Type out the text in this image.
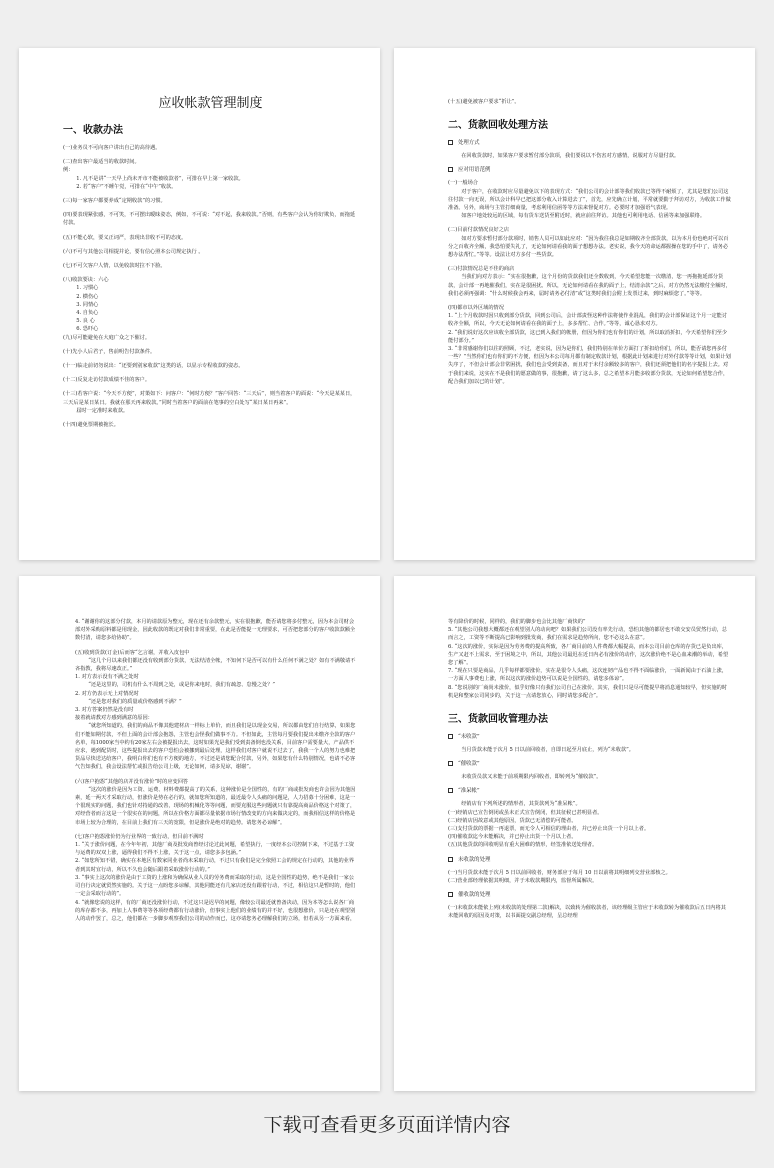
应收帐款管理制度
一、收款办法
(一)业务员不可向客户讲出自己的高待遇。
(二)查出客户最适当的收款时间。
例：
1. 凡不是讲“一天早上尚未开市不能被收款者”，可排在早上第一家收款。
2. 若“客户”不睡午觉，可排在“中午”收款。
(三)每一家客户都要养成“定期收款”的习惯。
(四)要表现紧张感，不可笑，不可摆出暧昧姿态，例如，不可说：“对不起，我来收款。”否则，有些客户会认为你好欺负，而拖延付款。
(五)不能心软，要义正词严，表现出非收不可的态度。
(六)不可与其他公司相提并论，要有信心照本公司规定执行 。
(七)不可欠客户人情，以免收款时拉不下脸。
(八)收款要诀：六心
1. 习惯心
2. 横伤心
3. 同情心
4. 自负心
5. 良 心
6. 恐吓心
(九)尽可能避免在大庭广众之下催讨。
(十)先小人后君子，售前明告付款条件。
(十一)临走前切勿说出：“还要到别家收款”这类的话，以显示专程收款的姿态。
(十二)反复走访付款成绩不佳的客户。
(十三)若客户说：“今天不方便”，对策如下：问客户：“何时方便？”客户回答：“三天后”，则当着客户的面说：“今天是某某日，三天后是某日某日。我就在那天再来收款。”同时当着客户的面前在笔事的空白处写“某日某日再来”。
届时一定准时来收款。
(十四)避免票期被拖长。
(十五)避免被客户要求“折让”。
二、货款回收处理方法
处理方式
在回收货款时，如果客户要求暂付部分款项，我们要说以不伤害对方感情，说服对方尽量付款。
应对用语范例
(一)一般场合
对于客户，在收款时应尽量避免以下的表现方式：“我们公司的会计部等我们收款已等得不耐烦了，尤其是您们公司这往付款一向无误，所以会计科早已把这部分收入计算进去了”，首先，应先确立计划，平常就要勤于拜访对方，为收款工作做准备。另外，商场与主管打细商量，考虑利用信函等等方法来督促对方。必要时才加强语气表现。
如客户地处较远的区域，每有货车送货至附近时，就应前往拜访。其他也可利用电话、信函等来加强联络。
(二)目前付款情况良好之店
如对方要求暂付部分款项时，销售人员可以如此应对：“因为我往我总是如期收齐全部货款，以为本月份也绝对可以百分之百收齐全额，我恐怕要失礼了，无论如何请看我的面子想想办法。老实说，我今天的命运都握操在您的手中了，请务必想办法帮忙。”等等。设法让对方多付一些货款。
(三)付款情况总是不佳的商店
当我们向对方表示：“实在很抱歉，这个月份的货款我们还全数收到，今天希望您能一次缴清，您一再拖拖延部分货款，会计部一再地催我们，实在是很困扰。所以，无论如何请看在我的面子上，结清余款”之后，对方仍然无法缴付全额时，我们必须再强调：“什么时候我会再来，届时请务必付清”或“这类时我们会附上发票过来，到时麻烦您了。”等等。
(四)都市以外区域的情况
1. “上个月收款时因只收到部分货款，回到公司后，会计部责怪这种作法将使作业混乱，我们的会计部保证这个月一定能讨收齐全额，所以，今天无论如何请看在我的面子上，多多帮忙、合作。”等等，诚心恳求对方。
2. “我们说好这次应该收全部货款，这已到入我们的帐册，但因为你们也有你们的计划，所以取消折扣，今天希望你们至少能付部分。”
3. “非常感谢你们以往的照顾，不过，老实说，因为是你们，我们特别在单价方面打了折扣给你们，所以，能否请您再多付一些？”当然你们也有你们的不方便，但因为本公司每月都有制定收款计划，根据此计划来进行对外付款等等计划，如果计划失序了，不但会计部会非常困扰，我们也会受到责备，而且对于未付余额较多的客户，我们还须把他们的名字提报上去。对于我们来说，这实在不是我们的愿意做的事，很抱歉，请了这么多，总之希望本月能多收部分货款，无论如何希望您合作，配合我们加以已的计划”。
4. “谢谢你的这部分付款，本月的请款原为整元，现在还有余款整元，实在很抱歉，能否请您将多付整元，因为本会司财会部对外采购原料都是用现金，因此收款的既定对我们非常重要，在此是否能提一无理要求，可否把您部分的客户收款款额全数付清，请您多给协助”。
(五)收到货款(订金)后而客“乞言谢，并收入皮包中
“这几个月以来我们都还没有收到部分货款，无法结清全帐，不知何下是否可以有什么任何不满之处？如有不满敬请不吝指教，我将尽速改正。”
1. 对方表示没有不满之处时
“还是这里的，司机有什么不周到之处，或是你来电时，我们有疏忽、怠慢之处？”
2. 对方仍表示无上对情况时
“还是您对我们的质量或价格感到不满？”
3. 对方答案仍然是没有时
接着就请教对方感到满意的原因：
“就您所知道的，我们的商品不像其他建材店一样标上单价，而且我们是以现金交易，所以都由您们自行结算，如果您们不能如期付款，不但上面的会计部会抱怨，主管也会怪我们做事不力。不但如此，主管每月要我们提出未缴齐全款的客户名单，每1000家当中约有20家左右会被提报出去，这时如果光是我们受到责备倒也没关系，目前客户需要量大，产品供不应求，遇到配货时，这些提报出去的客户恐怕会被挪到最后处理，这样我们对客户就说不过去了，我我一个人的努力也难把货品尽快送达给客户，我明白你们也有不方便的地方，不过还是请您配合付款，另外，如果您有什么特别情况，也请不必客气告知我们，我会设法帮忙或报告给公司上级，无论如何，请多见谅，谢谢”。
(六)客户抱怨“其他的店并没有涨价”时的应变回答
“这次的涨价是因为工资、运费、材料费都提高了的关系，这种涨价是全国性的，有的厂商或批发商也许会因为其他因素，延一两天才采取行动，但涨价是势在必行的，就如您所知道的，最近最令人头痛的问题是，人力招募十分困难，这是一个很现实的问题，我们也针对持通的改善，现场的机械化等等问题，而要克服这些问题就只有靠提高商品价格这个对策了，对经营者而言这是一个很实在的问题，所以在价格方面都尽量依据市场行情改变的方向来做决定的，而我相信这样的价格是市场上较为合理的，在目前上我们有三天的宽限，但是涨价是绝对的趋势。请您务必谅解”。
(七)客户抱怨涨价仍为行业界的一致行动，但目前不满时
1. “关于涨价问题，在今年年初，其他厂商及批发商曾经讨论过此问题，希望执行，一度经本公司控制下来，不过基于工资与运费的双双上涨，逼得我们不得不上涨，关于这一点，请您多多包涵。”
2. “如您所知不错，确实在本地区有数家同业者尚未采取行动，不过只有我们是完全依照工会的规定在行动的，其他的业界者到其时宜行动，所以不久也会随后跟着采取涨价行动的。”
3. “事实上这次的涨价是由于工资的上涨和为确保从业人员的劳务费而采取的行动，这是全国性的趋势，绝不是我们一家公司自行决定就贸然实施的。关于这一点盼您多谅解，其他同能还有几家店还没有跟着行动，不过，相信这只是暂时的，他们一定会采取行动的”。
4. “就像您说的这样，有的厂商还没涨价行动，不过这只是迟早的问题，像较公司最近就曾备决动，因为本等怎么说各厂商的库存都不多，再加上人事费等等各项经费都有行动涨价，但事实上他们的业绩有的并不好，也很想涨价，只是还在观望别人的动作罢了，总之，他们都在一步脚步观察我们公司的动作而已，这亦请您务必理解我们的立场，但若从另一方面来看，
等有降价的时候，同样的，我们的脚步也会比其他厂商快的”
5. “其他公司我想大概都还在观望别人的动向吧？如果我们公司没有率先行动，恐怕其他的都居也不敢交安员贸然行动，总而言之，工资等不断提高已影响到批发商，我们在需求是趋势所向，您不必这么在意”。
6. “这次的涨价，实际是因为劳务费的提高所致，各厂商目前的人件费都大幅提高，而本公司目前仓库的存货已是负出库，生产又赶不上需求，至于困境之中，所以，其他公司最迟在近日内必有涨价的动作，这次涨价绝不是心血来潮的举动，希望您了解”。
7. “现在只要是商品，几乎每样都要涨价，实在是很令人头痛，这次连韧产品也不得不面临涨价，一面新闻由于石油上涨，一方面人事费也上涨，所以这次的涨价趋势可以说是全国性的，请您多体谅”。
8. “您说别的厂商尚未涨价，似乎好像只有我们公司自己在涨价，其实，我们只是尽可能提早将消息通知较早，但实施的时机是和整家公司同步的，关于这一点请您放心，同时请您多配合”。
三、货款回收管理办法
“未收款”
当月货款未能于次月 5 日以前回收者，自即日起至月底止，列为“未收款”。
“催收款”
未收货员款又未能于前项期限内回收者，即转列为“催收款”。
“准呆帐”
经销店有下列所述的情形者，其货款列为“准呆帐”。
(一)经销店已宣告倒闭或虽未正式宣告倒闭，但其征候已甚明显者。
(二)经销店因故意或其他原因，货款已无清偿的可能者。
(三)支付货款的票据一再退票，而无令人可相信的理由者，并已停止出货一个月以上者。
(四)催收款迄今未能解决，并已停止出货一个月以上者。
(五)其他货款的回收明显有重大困难的情形，经签准依送处理者。
未收款的处理
(一)当月货款未能于次月 5 日以前回收者，财务部应于每月 10 日以前将其明细列交营业部核之。
(二)营业部经理依据其明细，并于未收款期限内，监督所属解决。
催收款的处理
(一)未收款未能依上列(未收款的处理第二款)解决，以致转为催收款者，该经理级主管应于未收款转为催收款后五日内将其未能回收的原因及对策，以书面提交副总经理，呈总经理
下载可查看更多页面详情内容
